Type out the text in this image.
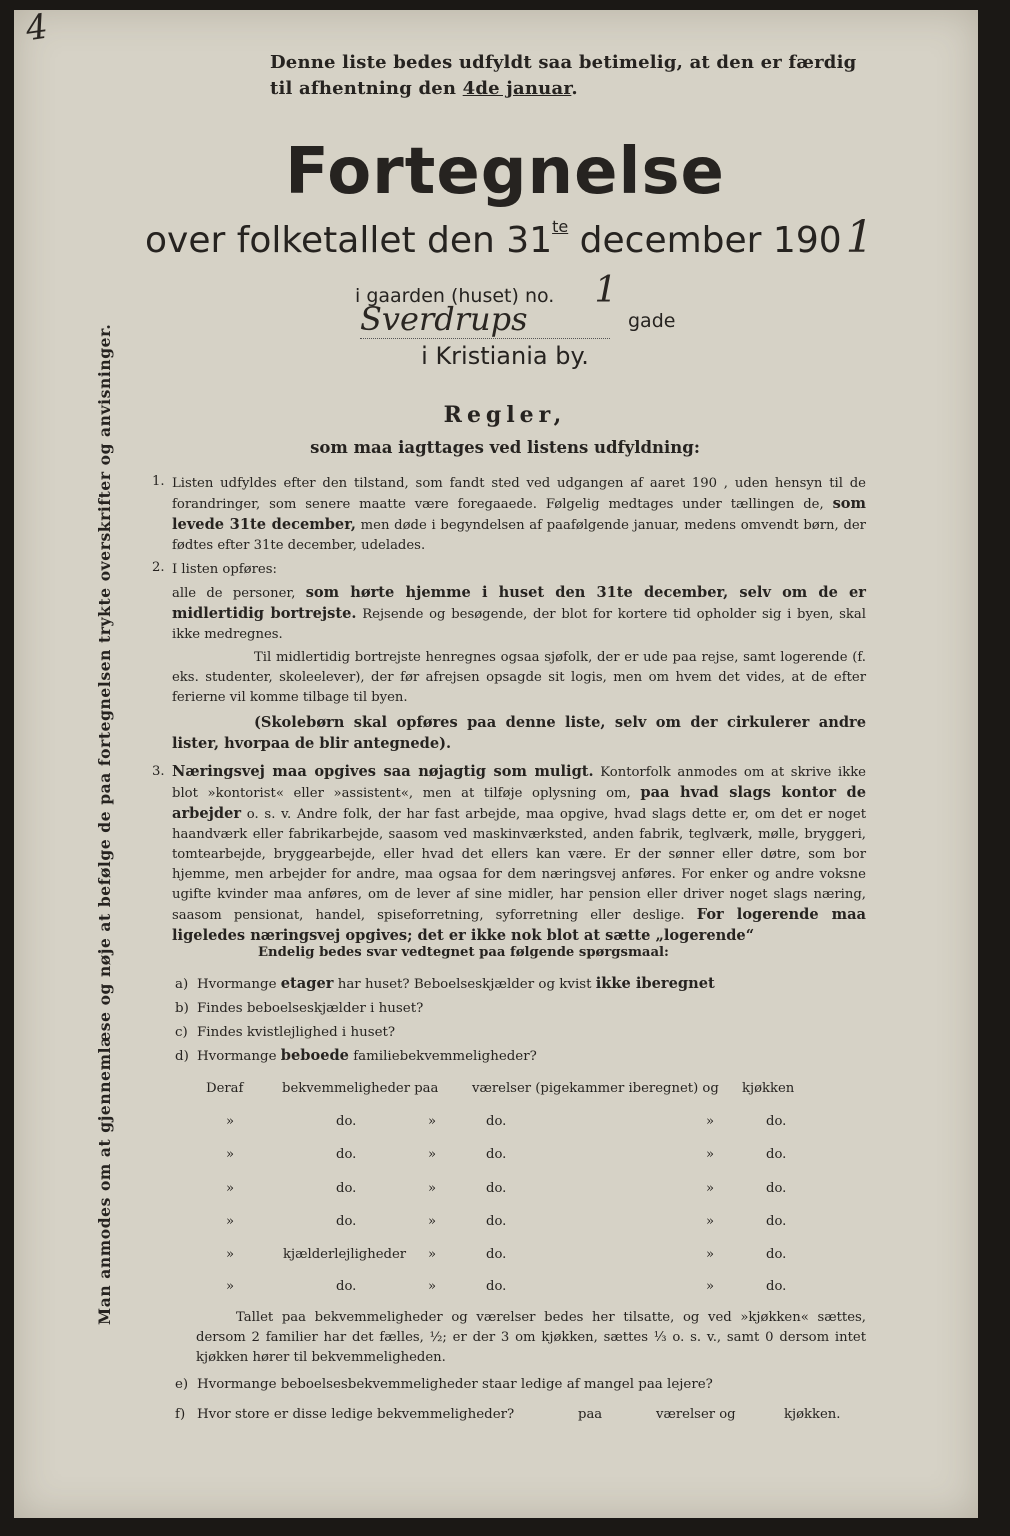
4
Denne liste bedes udfyldt saa betimelig, at den er færdig til afhentning den 4de januar.
Fortegnelse
over folketallet den $31^{te}$ december 1901
i gaarden (huset) no. 1
Sverdrups	gade
i Kristiania by.
Regler,
som maa iagttages ved listens udfyldning:
Man anmodes om at gjennemlæse og nøje at befølge de paa fortegnelsen trykte overskrifter og anvisninger.	1. Listen udfyldes efter den tilstand, som fandt sted ved udgangen af aaret 190 , uden hensyn til de forandringer, som senere maatte være foregaaede. Følgelig medtages under tællingen de, som levede 31te december, men døde i begyndelsen af paafølgende januar, medens omvendt børn, der fødtes efter 31te december, udelades.
2. I listen opføres:
alle de personer, som hørte hjemme i huset den 31te december, selv om de er midlertidig bortrejste. Rejsende og besøgende, der blot for kortere tid opholder sig i byen, skal ikke medregnes.
Til midlertidig bortrejste henregnes ogsaa sjøfolk, der er ude paa rejse, samt logerende (f. eks. studenter, skoleelever), der før afrejsen opsagde sit logis, men om hvem det vides, at de efter ferierne vil komme tilbage til byen.
(Skolebørn skal opføres paa denne liste, selv om der cirkulerer andre lister, hvorpaa de blir antegnede).
3. Næringsvej maa opgives saa nøjagtig som muligt. Kontorfolk anmodes om at skrive ikke blot »kontorist« eller »assistent«, men at tilføje oplysning om, paa hvad slags kontor de arbejder o. s. v. Andre folk, der har fast arbejde, maa opgive, hvad slags dette er, om det er noget haandværk eller fabrikarbejde, saasom ved maskinværksted, anden fabrik, teglværk, mølle, bryggeri, tomtearbejde, bryggearbejde, eller hvad det ellers kan være. Er der sønner eller døtre, som bor hjemme, men arbejder for andre, maa ogsaa for dem næringsvej anføres. For enker og andre voksne ugifte kvinder maa anføres, om de lever af sine midler, har pension eller driver noget slags næring, saasom pensionat, handel, spiseforretning, syforretning eller deslige. For logerende maa ligeledes næringsvej opgives; det er ikke nok blot at sætte „logerende“
Endelig bedes svar vedtegnet paa følgende spørgsmaal:
a) Hvormange etager har huset? Beboelseskjælder og kvist ikke iberegnet
b) Findes beboelseskjælder i huset?
c) Findes kvistlejlighed i huset?
d) Hvormange beboede familiebekvemmeligheder?
Deraf	bekvemmeligheder paa	værelser (pigekammer iberegnet) og kjøkken
»	do.	»	do.	»	do.
»	do.	»	do.	»	do.
»	do.	»	do.	»	do.
»	do.	»	do.	»	do.
»	kjælderlejligheder »	do.	»	do.
»	do.	»	do.	»	do.
Tallet paa bekvemmeligheder og værelser bedes her tilsatte, og ved »kjøkken« sættes, dersom 2 familier har det fælles, ½; er der 3 om kjøkken, sættes ⅓ o. s. v., samt 0 dersom intet kjøkken hører til bekvemmeligheden.
e) Hvormange beboelsesbekvemmeligheder staar ledige af mangel paa lejere?
f) Hvor store er disse ledige bekvemmeligheder?	paa	værelser og	kjøkken.
